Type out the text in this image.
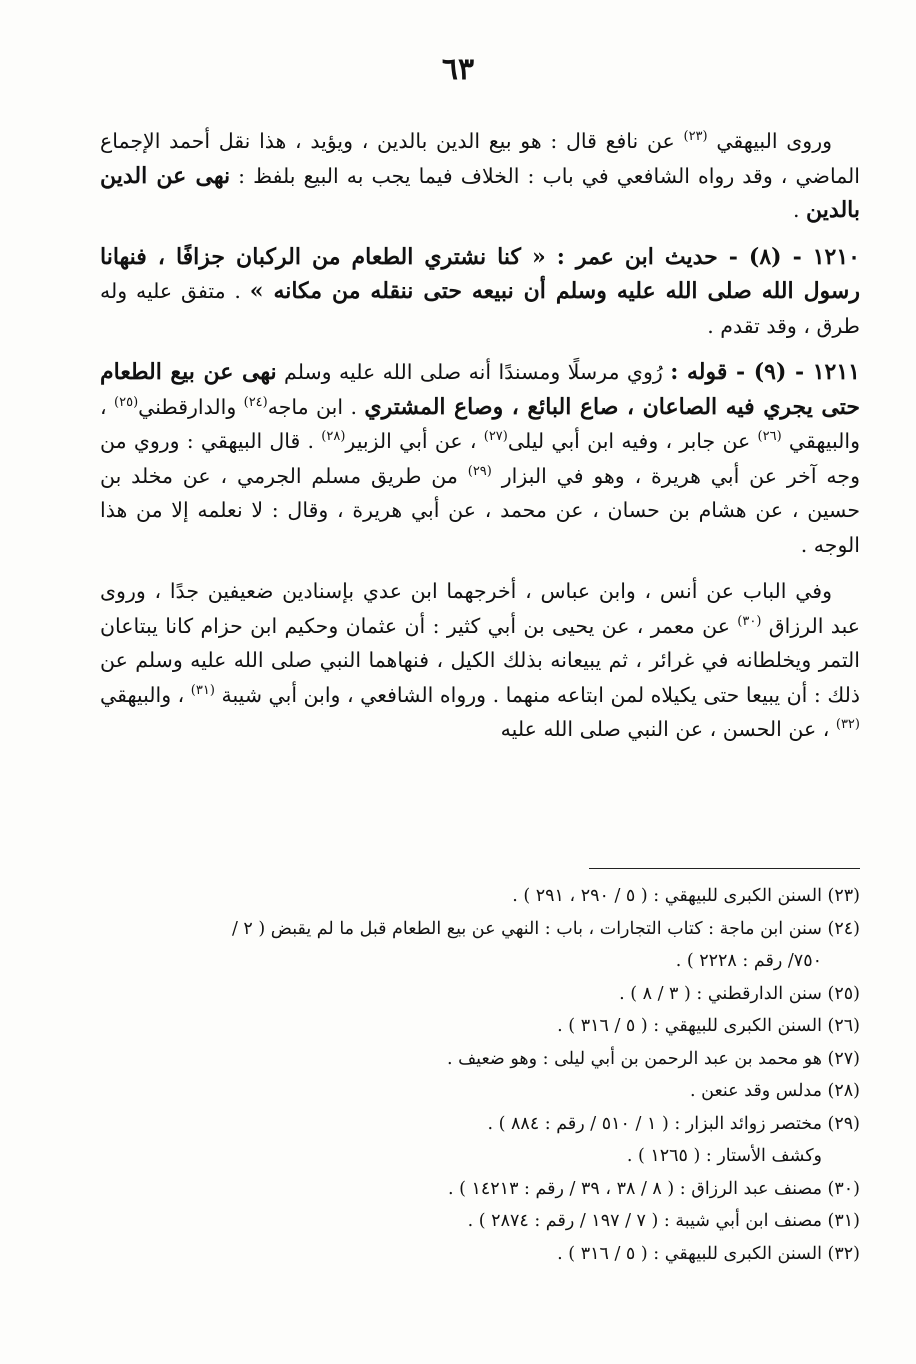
٦٣

وروى البيهقي $^{(٢٣)}$ عن نافع قال : هو بيع الدين بالدين ، ويؤيد ، هذا نقل أحمد الإجماع الماضي ، وقد رواه الشافعي في باب : الخلاف فيما يجب به البيع بلفظ : نهى عن الدين بالدين .

١٢١٠ - (٨) - حديث ابن عمر : « كنا نشتري الطعام من الركبان جزافًا ، فنهانا رسول الله صلى الله عليه وسلم أن نبيعه حتى ننقله من مكانه » . متفق عليه وله طرق ، وقد تقدم .

١٢١١ - (٩) - قوله : رُوي مرسلًا ومسندًا أنه صلى الله عليه وسلم نهى عن بيع الطعام حتى يجري فيه الصاعان ، صاع البائع ، وصاع المشتري . ابن ماجه$^{(٢٤)}$ والدارقطني$^{(٢٥)}$ ، والبيهقي $^{(٢٦)}$ عن جابر ، وفيه ابن أبي ليلى$^{(٢٧)}$ ، عن أبي الزبير$^{(٢٨)}$ . قال البيهقي : وروي من وجه آخر عن أبي هريرة ، وهو في البزار $^{(٢٩)}$ من طريق مسلم الجرمي ، عن مخلد بن حسين ، عن هشام بن حسان ، عن محمد ، عن أبي هريرة ، وقال : لا نعلمه إلا من هذا الوجه .

وفي الباب عن أنس ، وابن عباس ، أخرجهما ابن عدي بإسنادين ضعيفين جدًا ، وروى عبد الرزاق $^{(٣٠)}$ عن معمر ، عن يحيى بن أبي كثير : أن عثمان وحكيم ابن حزام كانا يبتاعان التمر ويخلطانه في غرائر ، ثم يبيعانه بذلك الكيل ، فنهاهما النبي صلى الله عليه وسلم عن ذلك : أن يبيعا حتى يكيلاه لمن ابتاعه منهما . ورواه الشافعي ، وابن أبي شيبة $^{(٣١)}$ ، والبيهقي $^{(٣٢)}$ ، عن الحسن ، عن النبي صلى الله عليه

(٢٣) السنن الكبرى للبيهقي : ( ٥ / ٢٩٠ ، ٢٩١ ) .

(٢٤) سنن ابن ماجة : كتاب التجارات ، باب : النهي عن بيع الطعام قبل ما لم يقبض ( ٢ /

٧٥٠/ رقم : ٢٢٢٨ ) .

(٢٥) سنن الدارقطني : ( ٣ / ٨ ) .

(٢٦) السنن الكبرى للبيهقي : ( ٥ / ٣١٦ ) .

(٢٧) هو محمد بن عبد الرحمن بن أبي ليلى : وهو ضعيف .

(٢٨) مدلس وقد عنعن .

(٢٩) مختصر زوائد البزار : ( ١ / ٥١٠ / رقم : ٨٨٤ ) .

وكشف الأستار : ( ١٢٦٥ ) .

(٣٠) مصنف عبد الرزاق : ( ٨ / ٣٨ ، ٣٩ / رقم : ١٤٢١٣ ) .

(٣١) مصنف ابن أبي شيبة : ( ٧ / ١٩٧ / رقم : ٢٨٧٤ ) .

(٣٢) السنن الكبرى للبيهقي : ( ٥ / ٣١٦ ) .
